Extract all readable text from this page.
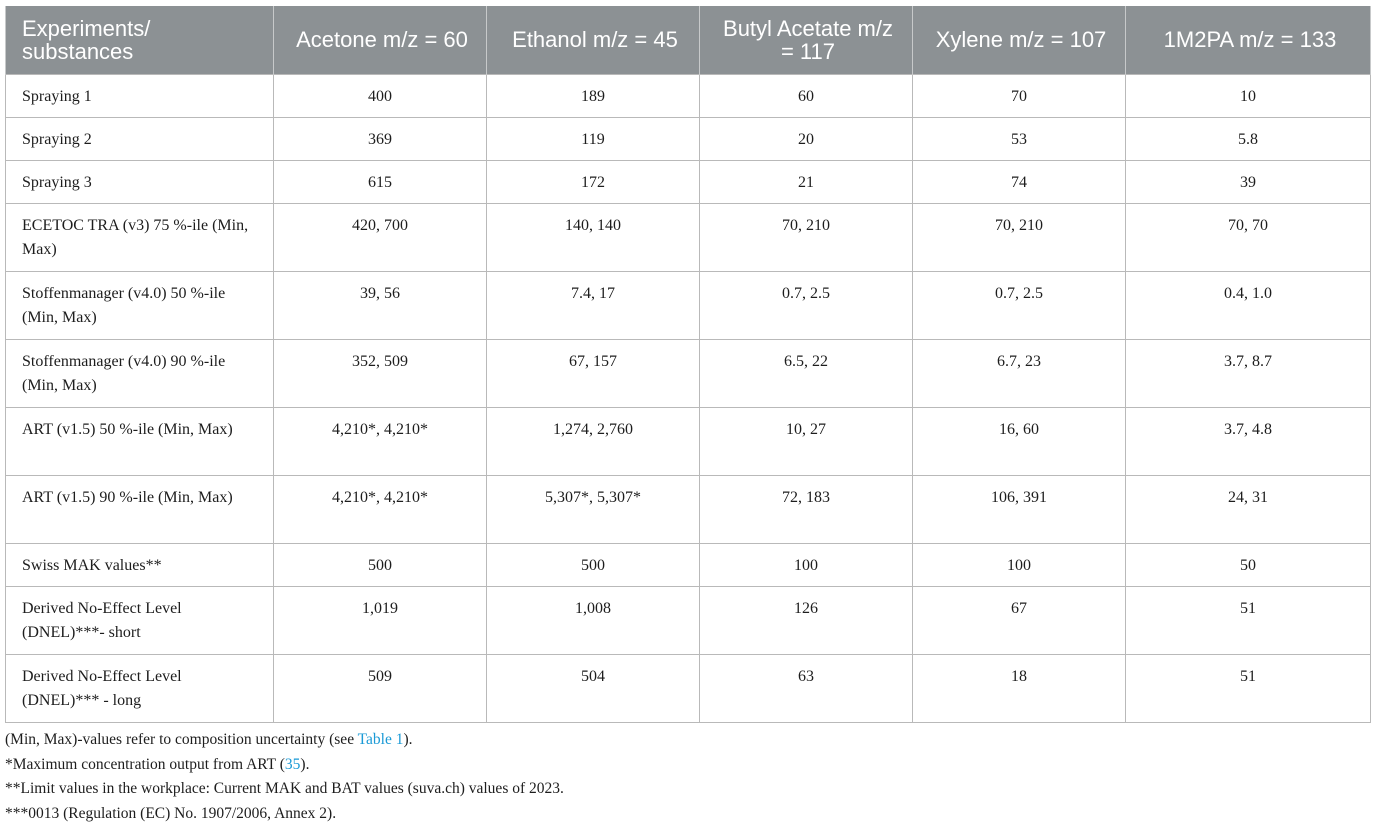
Experiments/ substances	Acetone m/z = 60	Ethanol m/z = 45	Butyl Acetate m/z = 117	Xylene m/z = 107	1M2PA m/z = 133
Spraying 1	400	189	60	70	10
Spraying 2	369	119	20	53	5.8
Spraying 3	615	172	21	74	39
ECETOC TRA (v3) 75 %-ile (Min, Max)	420, 700	140, 140	70, 210	70, 210	70, 70
Stoffenmanager (v4.0) 50 %-ile (Min, Max)	39, 56	7.4, 17	0.7, 2.5	0.7, 2.5	0.4, 1.0
Stoffenmanager (v4.0) 90 %-ile (Min, Max)	352, 509	67, 157	6.5, 22	6.7, 23	3.7, 8.7
ART (v1.5) 50 %-ile (Min, Max)	4,210*, 4,210*	1,274, 2,760	10, 27	16, 60	3.7, 4.8
ART (v1.5) 90 %-ile (Min, Max)	4,210*, 4,210*	5,307*, 5,307*	72, 183	106, 391	24, 31
Swiss MAK values**	500	500	100	100	50
Derived No-Effect Level (DNEL)***- short	1,019	1,008	126	67	51
Derived No-Effect Level (DNEL)*** - long	509	504	63	18	51
(Min, Max)-values refer to composition uncertainty (see Table 1).
*Maximum concentration output from ART (35).
**Limit values in the workplace: Current MAK and BAT values (suva.ch) values of 2023.
***0013 (Regulation (EC) No. 1907/2006, Annex 2).
